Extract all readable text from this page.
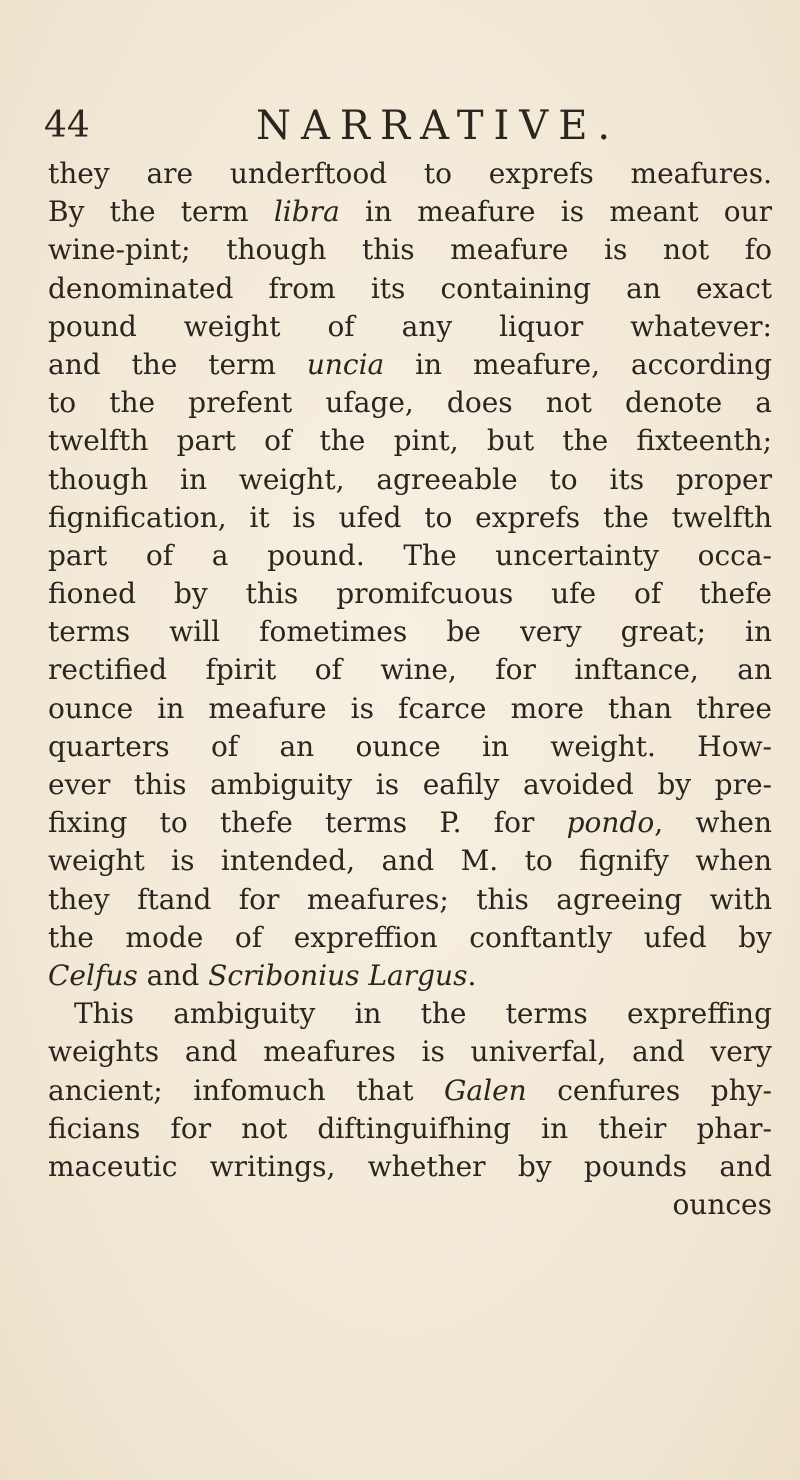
44	NARRATIVE.
they are underftood to exprefs meafures.
By the term libra in meafure is meant our
wine-pint; though this meafure is not fo
denominated from its containing an exact
pound weight of any liquor whatever:
and the term uncia in meafure, according
to the prefent ufage, does not denote a
twelfth part of the pint, but the fixteenth;
though in weight, agreeable to its proper
fignification, it is ufed to exprefs the twelfth
part of a pound. The uncertainty occa-
fioned by this promifcuous ufe of thefe
terms will fometimes be very great; in
rectified fpirit of wine, for inftance, an
ounce in meafure is fcarce more than three
quarters of an ounce in weight. How-
ever this ambiguity is eafily avoided by pre-
fixing to thefe terms P. for pondo, when
weight is intended, and M. to fignify when
they ftand for meafures; this agreeing with
the mode of expreffion conftantly ufed by
Celfus and Scribonius Largus.
This ambiguity in the terms expreffing
weights and meafures is univerfal, and very
ancient; infomuch that Galen cenfures phy-
ficians for not diftinguifhing in their phar-
maceutic writings, whether by pounds and
ounces
